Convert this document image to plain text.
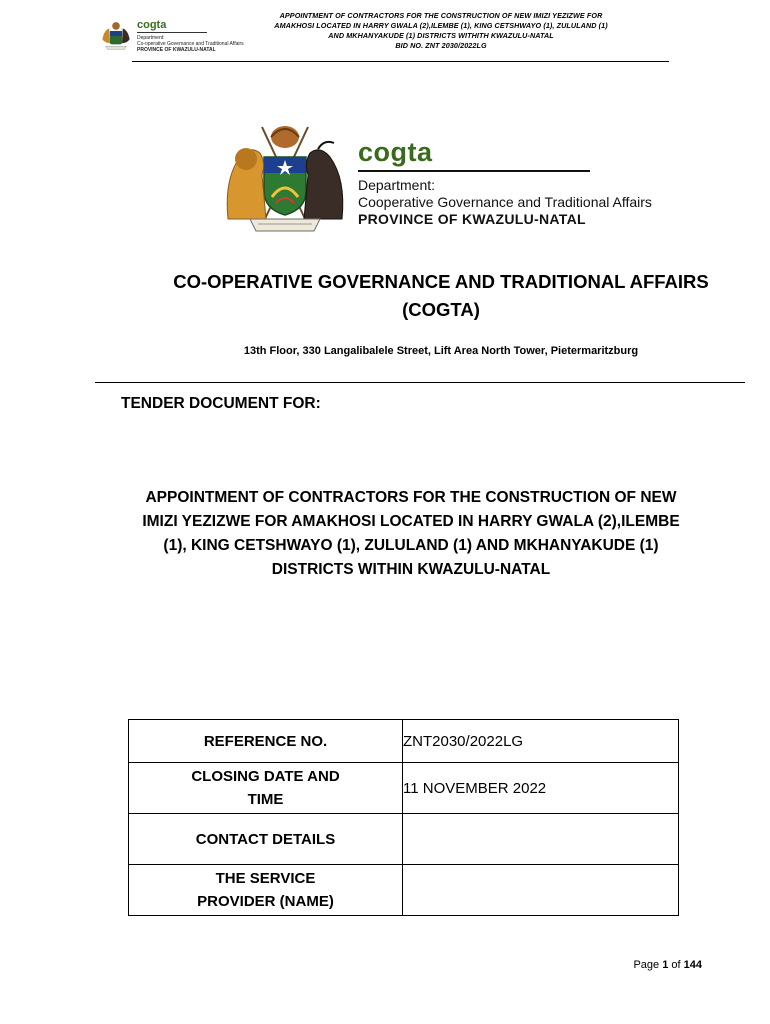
cogta
Department:
Co-operative Governance and Traditional Affairs
PROVINCE OF KWAZULU-NATAL
APPOINTMENT OF CONTRACTORS FOR THE CONSTRUCTION OF NEW IMIZI YEZIZWE FOR
AMAKHOSI LOCATED IN HARRY GWALA (2),ILEMBE (1), KING CETSHWAYO (1), ZULULAND (1)
AND MKHANYAKUDE (1) DISTRICTS WITHITH KWAZULU-NATAL
BID NO. ZNT 2030/2022LG
cogta
Department:
Cooperative Governance and Traditional Affairs
PROVINCE OF KWAZULU-NATAL
CO-OPERATIVE GOVERNANCE AND TRADITIONAL AFFAIRS
(COGTA)
13th Floor, 330 Langalibalele Street, Lift Area North Tower, Pietermaritzburg
TENDER DOCUMENT FOR:
APPOINTMENT OF CONTRACTORS FOR THE CONSTRUCTION OF NEW
IMIZI YEZIZWE FOR AMAKHOSI LOCATED IN HARRY GWALA (2),ILEMBE
(1), KING CETSHWAYO (1), ZULULAND (1) AND MKHANYAKUDE (1)
DISTRICTS WITHIN KWAZULU-NATAL
REFERENCE NO.	ZNT2030/2022LG

CLOSING DATE AND
TIME	11 NOVEMBER 2022
CONTACT DETAILS	

THE SERVICE
PROVIDER (NAME)	

Page 1 of 144
